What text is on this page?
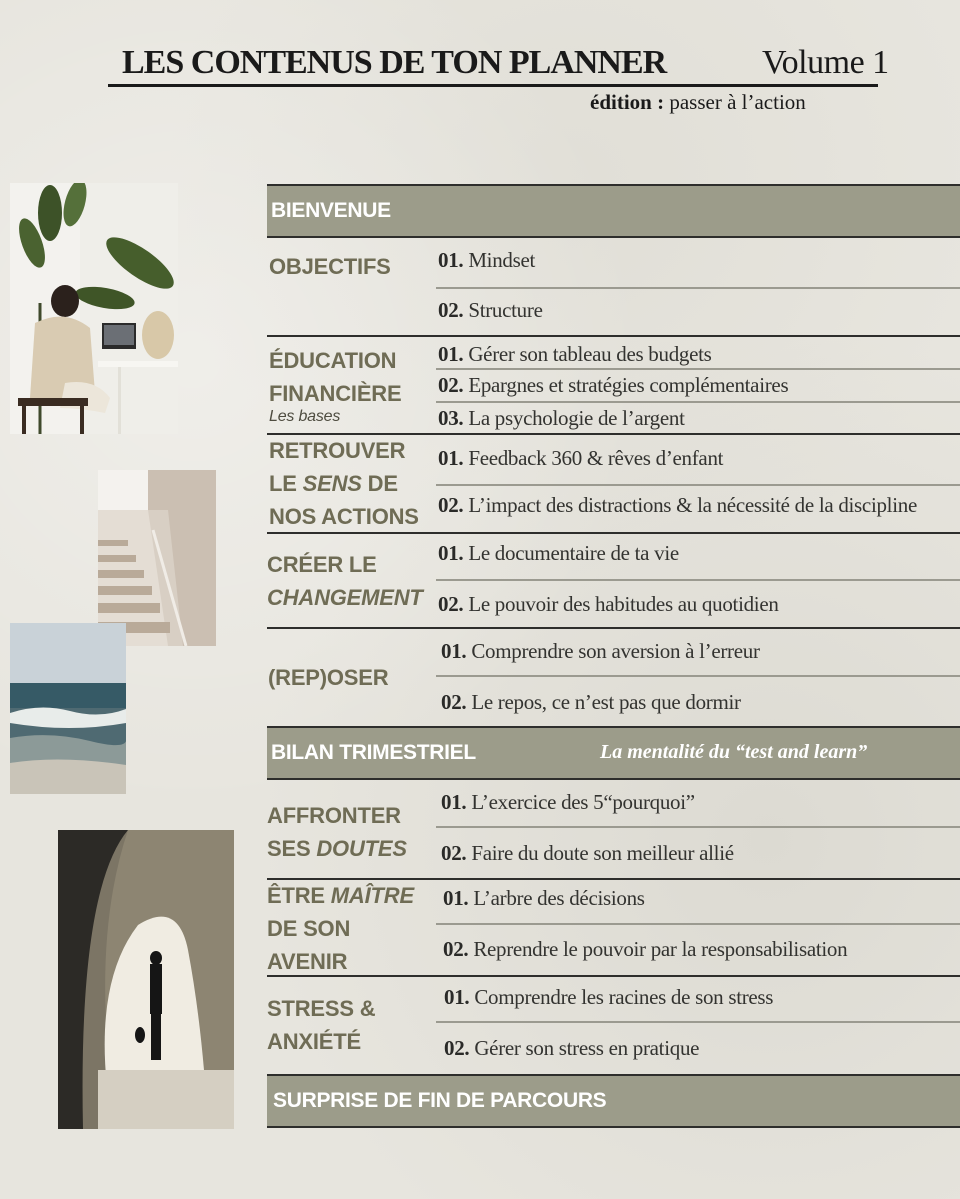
LES CONTENUS DE TON PLANNER	Volume 1
édition : passer à l’action
BIENVENUE
OBJECTIFS 01. Mindset
02. Structure
ÉDUCATION
FINANCIÈRE
Les bases
01. Gérer son tableau des budgets
02. Epargnes et stratégies complémentaires
03. La psychologie de l’argent
RETROUVER
LE SENS DE
NOS ACTIONS
01. Feedback 360 & rêves d’enfant
02. L’impact des distractions & la nécessité de la discipline
CRÉER LE
CHANGEMENT
01. Le documentaire de ta vie
02. Le pouvoir des habitudes au quotidien
(REP)OSER
01. Comprendre son aversion à l’erreur
02. Le repos, ce n’est pas que dormir
BILAN TRIMESTRIEL	La mentalité du “test and learn”
AFFRONTER
SES DOUTES
01. L’exercice des 5“pourquoi”
02. Faire du doute son meilleur allié
ÊTRE MAÎTRE
DE SON
AVENIR
01. L’arbre des décisions
02. Reprendre le pouvoir par la responsabilisation
STRESS &
ANXIÉTÉ
01. Comprendre les racines de son stress
02. Gérer son stress en pratique
SURPRISE DE FIN DE PARCOURS
